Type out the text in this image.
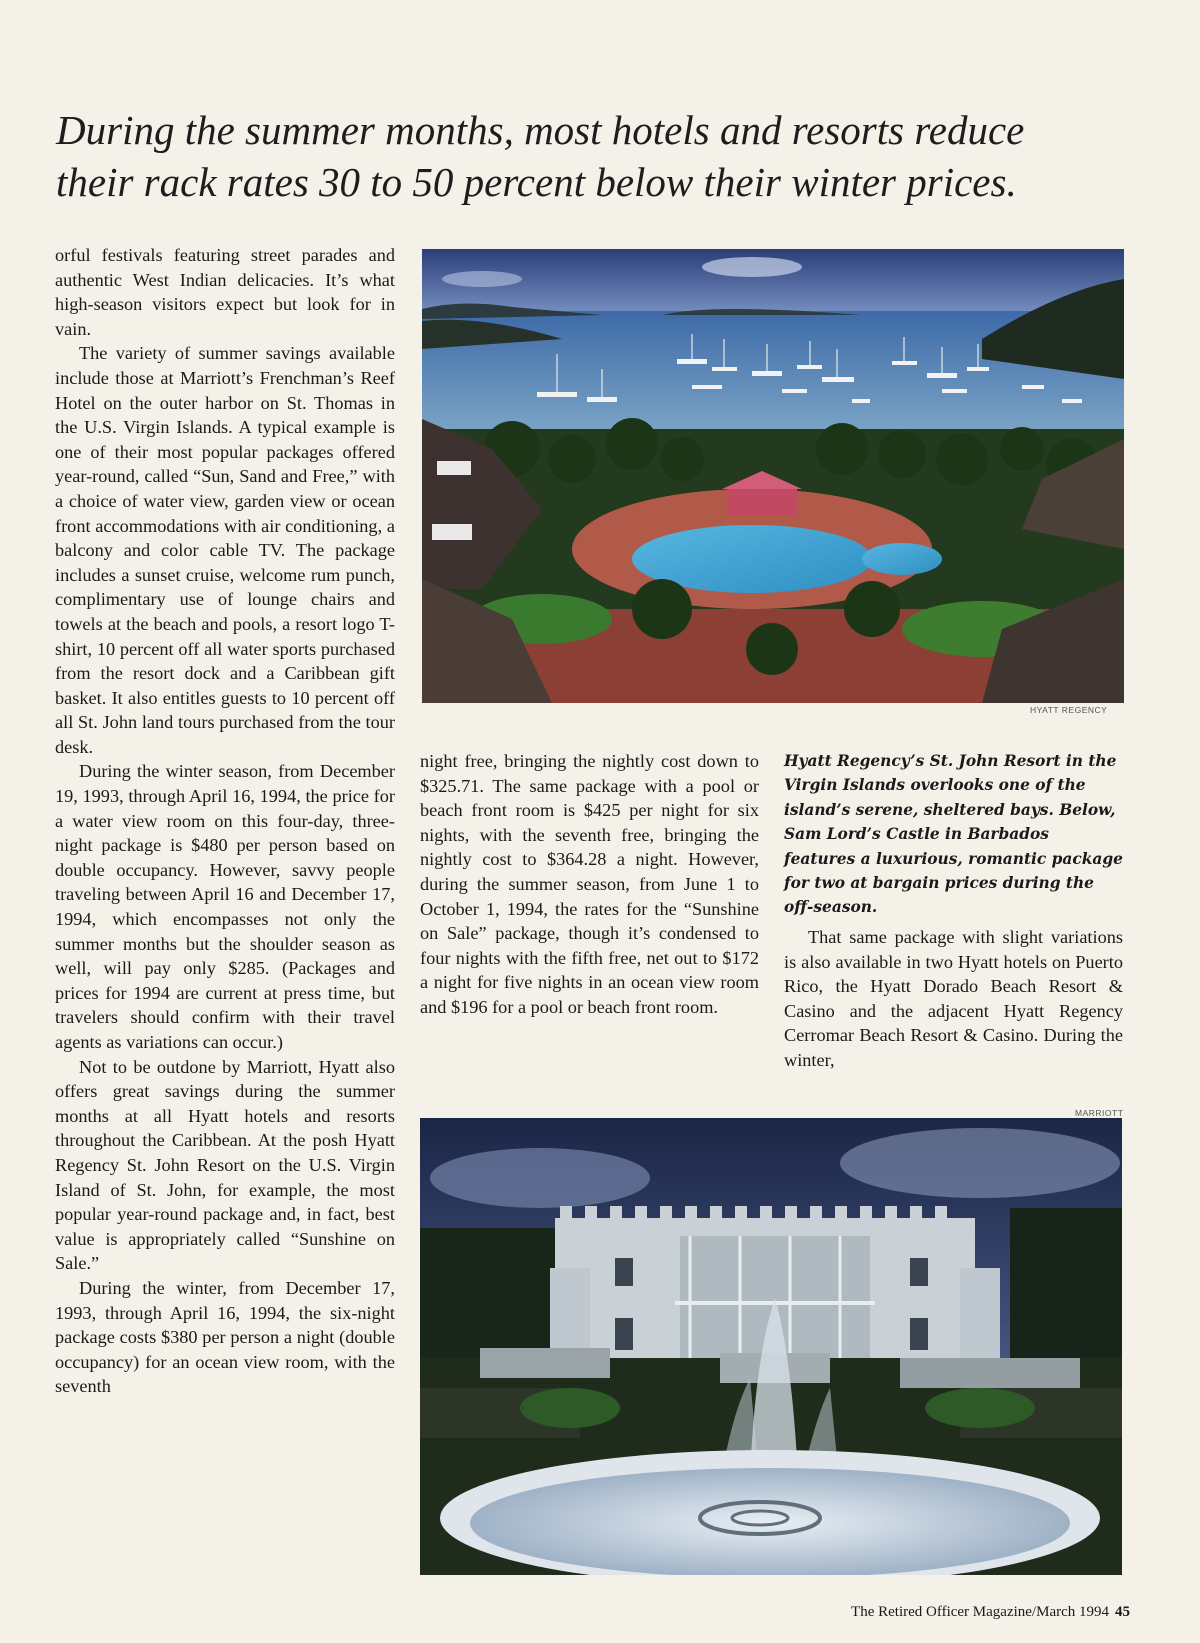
During the summer months, most hotels and resorts reduce
their rack rates 30 to 50 percent below their winter prices.

orful festivals featuring street parades and authentic West Indian delicacies. It’s what high-season visitors expect but look for in vain.

The variety of summer savings available include those at Marriott’s Frenchman’s Reef Hotel on the outer harbor on St. Thomas in the U.S. Virgin Islands. A typical example is one of their most popular packages offered year-round, called “Sun, Sand and Free,” with a choice of water view, garden view or ocean front accommodations with air conditioning, a balcony and color cable TV. The package includes a sunset cruise, welcome rum punch, complimentary use of lounge chairs and towels at the beach and pools, a resort logo T-shirt, 10 percent off all water sports purchased from the resort dock and a Caribbean gift basket. It also entitles guests to 10 percent off all St. John land tours purchased from the tour desk.

During the winter season, from December 19, 1993, through April 16, 1994, the price for a water view room on this four-day, three-night package is $480 per person based on double occupancy. However, savvy people traveling between April 16 and December 17, 1994, which encompasses not only the summer months but the shoulder season as well, will pay only $285. (Packages and prices for 1994 are current at press time, but travelers should confirm with their travel agents as variations can occur.)

Not to be outdone by Marriott, Hyatt also offers great savings during the summer months at all Hyatt hotels and resorts throughout the Caribbean. At the posh Hyatt Regency St. John Resort on the U.S. Virgin Island of St. John, for example, the most popular year-round package and, in fact, best value is appropriately called “Sunshine on Sale.”

During the winter, from December 17, 1993, through April 16, 1994, the six-night package costs $380 per person a night (double occupancy) for an ocean view room, with the seventh

HYATT REGENCY

night free, bringing the nightly cost down to $325.71. The same package with a pool or beach front room is $425 per night for six nights, with the seventh free, bringing the nightly cost to $364.28 a night. However, during the summer season, from June 1 to October 1, 1994, the rates for the “Sunshine on Sale” package, though it’s condensed to four nights with the fifth free, net out to $172 a night for five nights in an ocean view room and $196 for a pool or beach front room.

Hyatt Regency’s St. John Resort in the Virgin Islands overlooks one of the island’s serene, sheltered bays. Below, Sam Lord’s Castle in Barbados features a luxurious, romantic package for two at bargain prices during the off-season.

That same package with slight variations is also available in two Hyatt hotels on Puerto Rico, the Hyatt Dorado Beach Resort & Casino and the adjacent Hyatt Regency Cerromar Beach Resort & Casino. During the winter,

MARRIOTT
The Retired Officer Magazine/March 1994 45
